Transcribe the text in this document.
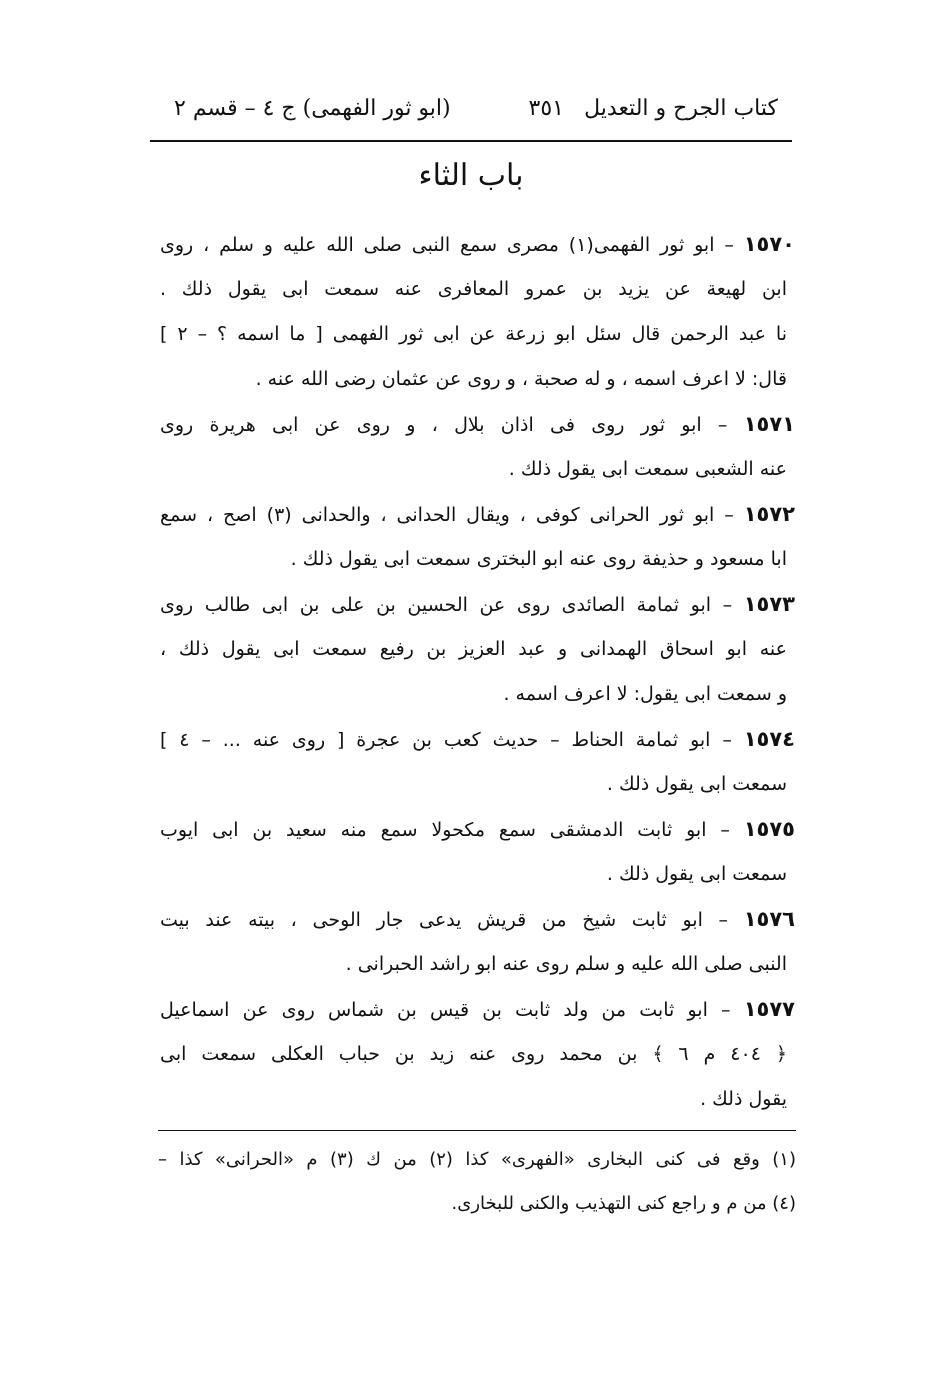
كتاب الجرح و التعديل
٣٥١
(ابو ثور الفهمى) ج ٤ – قسم ٢
باب الثاء
١٥٧٠ – ابو ثور الفهمى(١) مصرى سمع النبى صلى الله عليه و سلم ، روى
ابن لهيعة عن يزيد بن عمرو المعافرى عنه سمعت ابى يقول ذلك .
نا عبد الرحمن قال سئل ابو زرعة عن ابى ثور الفهمى [ ما اسمه ؟ – ٢ ]
قال: لا اعرف اسمه ، و له صحبة ، و روى عن عثمان رضى الله عنه .
١٥٧١ – ابو ثور روى فى اذان بلال ، و روى عن ابى هريرة روى
عنه الشعبى سمعت ابى يقول ذلك .
١٥٧٢ – ابو ثور الحرانى كوفى ، ويقال الحدانى ، والحدانى (٣) اصح ، سمع
ابا مسعود و حذيفة روى عنه ابو البخترى سمعت ابى يقول ذلك .
١٥٧٣ – ابو ثمامة الصائدى روى عن الحسين بن على بن ابى طالب روى
عنه ابو اسحاق الهمدانى و عبد العزيز بن رفيع سمعت ابى يقول ذلك ،
و سمعت ابى يقول: لا اعرف اسمه .
١٥٧٤ – ابو ثمامة الحناط – حديث كعب بن عجرة [ روى عنه ... – ٤ ]
سمعت ابى يقول ذلك .
١٥٧٥ – ابو ثابت الدمشقى سمع مكحولا سمع منه سعيد بن ابى ايوب
سمعت ابى يقول ذلك .
١٥٧٦ – ابو ثابت شيخ من قريش يدعى جار الوحى ، بيته عند بيت
النبى صلى الله عليه و سلم روى عنه ابو راشد الحبرانى .
١٥٧٧ – ابو ثابت من ولد ثابت بن قيس بن شماس روى عن اسماعيل
﴿ ٤٠٤ م ٦ ﴾ بن محمد روى عنه زيد بن حباب العكلى سمعت ابى
يقول ذلك .
(١) وقع فى كنى البخارى «الفهرى» كذا (٢) من ك (٣) م «الحرانى» كذا –
(٤) من م و راجع كنى التهذيب والكنى للبخارى.
